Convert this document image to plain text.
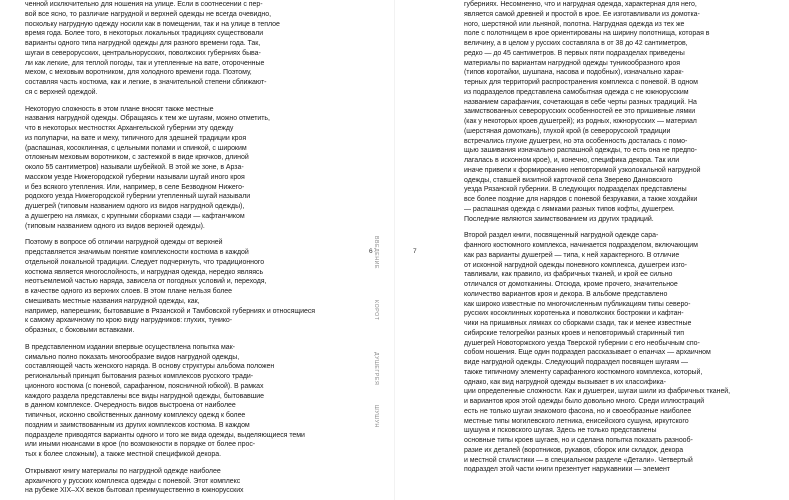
ченной исключительно для ношения на улице. Если в соотнесении с пер-
вой все ясно, то различие нагрудной и верхней одежды не всегда очевидно,
поскольку нагрудную одежду носили как в помещении, так и на улице в теплое
время года. Более того, в некоторых локальных традициях существовали
варианты одного типа нагрудной одежды для разного времени года. Так,
шугаи в северорусских, центральнорусских, поволжских губерниях быва-
ли как легкие, для теплой погоды, так и утепленные на вате, отороченные
мехом, с меховым воротником, для холодного времени года. Поэтому,
составляя часть костюма, как и легкие, в значительной степени сближают-
ся с верхней одеждой.
Некоторую сложность в этом плане вносят также местные
названия нагрудной одежды. Обращаясь к тем же шугаям, можно отметить,
что в некоторых местностях Архангельской губернии эту одежду
из полупарчи, на вате и меху, типичного для здешней традиции кроя
(распашная, косоклинная, с цельными полами и спинкой, с широким
отложным меховым воротником, с застежкой в виде крючков, длиной
около 55 сантиметров) называли шубейкой. В этой же зоне, в Арза-
масском уезде Нижегородской губернии называли шугай иного кроя
и без всякого утепления. Или, например, в селе Безводном Нижего-
родского уезда Нижегородской губернии утепленный шугай называли
душегрей (типовым названием одного из видов нагрудной одежды),
а душегрею на лямках, с крупными сборками сзади — кафтанчиком
(типовым названием одного из видов верхней одежды).
Поэтому в вопросе об отличии нагрудной одежды от верхней
представляется значимым понятие комплексности костюма в каждой
отдельной локальной традиции. Следует подчеркнуть, что традиционного
костюма является многослойность, и нагрудная одежда, нередко являясь
неотъемлемой частью наряда, зависела от погодных условий и, переходя,
в качестве одного из верхних слоев. В этом плане нельзя более
смешивать местные названия нагрудной одежды, как,
например, наперешник, бытовавшие в Рязанской и Тамбовской губерниях и относящиеся
к самому архаичному по крою виду нагрудников: глухих, туникo-
образных, с боковыми вставками.
В представленном издании впервые осуществлена попытка мак-
симально полно показать многообразие видов нагрудной одежды,
составляющей часть женского наряда. В основу структуры альбома положен
региональный принцип бытования разных комплексов русского тради-
ционного костюма (с поневой, сарафанном, поясничной юбкой). В рамках
каждого раздела представлены все виды нагрудной одежды, бытовавшие
в данном комплексе. Очередность видов выстроена от наиболее
типичных, исконно свойственных данному комплексу одежд к более
поздним и заимствованным из других комплексов костюма. В каждом
подразделе приводятся варианты одного и того же вида одежды, выделяющиеся теми
или иными нюансами в крое (по возможности в порядке от более прос-
тых к более сложным), а также местной спецификой декора.
Открывают книгу материалы по нагрудной одежде наиболее
архаичного у русских комплекса одежды с поневой. Этот комплекс
на рубеже XIX–XX веков бытовал преимущественно в южнорусских
ВВЕДЕНИЕ
6
КОРОТ
ДУШЕГРЕЯ
ШУШУН
7
губерниях. Несомненно, что и нагрудная одежда, характерная для него,
является самой древней и простой в крое. Ее изготавливали из домотка-
ного, шерстяной или льняной, полотна. Нагрудная одежда из тех же
поле с полотнищем в крое ориентированы на ширину полотнища, которая в
величину, а в целом у русских составляла в от 38 до 42 сантиметров,
редко — до 45 сантиметров. В первых пяти подразделах приведены
материалы по вариантам нагрудной одежды туникообразного кроя
(типов коротайки, шушпана, насова и подобных), изначально харак-
терных для территорий распространения комплекса с поневой. В одном
из подразделов представлена самобытная одежда с не южнорусским
названием сарафанчик, сочетающая в себе черты разных традиций. На
заимствованных северорусских особенностей ее это пришивные лямки
(как у некоторых кроев душегрей); из родных, южнорусских — материал
(шерстяная домоткань), глухой крой (в северорусской традиции
встречались глухие душегреи, но эта особенность досталась с помо-
щью зашивания изначально распашной одежды, то есть она не предпо-
лагалась в исконном крое), и, конечно, специфика декора. Так или
иначе привели к формированию неповторимой узколокальной нагрудной
одежды, ставшей визитной карточкой села Зверево Данковского
уезда Рязанской губернии. В следующих подразделах представлены
все более поздние для нарядов с поневой безрукавки, а также хохдайки
— распашная одежда с лямками разных типов кофты, душегреи.
Последние являются заимствованием из других традиций.
Второй раздел книги, посвященный нагрудной одежде сара-
фанного костюмного комплекса, начинается подразделом, включающим
как раз варианты душегрей — типа, к ней характерного. В отличие
от исконной нагрудной одежды поневного комплекса, душегреи изго-
тавливали, как правило, из фабричных тканей, и крой ее сильно
отличался от домотканины. Отсюда, кроме прочего, значительное
количество вариантов кроя и декора. В альбоме представлено
как широко известные по многочисленным публикациям типы северо-
русских косоклинных коротенька и поволжских бострожки и кафтан-
чики на пришивных лямках со сборками сзади, так и менее известные
сибирские телогрейки разных кроев и неповторимый старинный тип
душегрей Новоторжского уезда Тверской губернии с его необычным спо-
собом ношения. Еще один подраздел рассказывает о епанчах — архаичном
виде нагрудной одежды. Следующий подраздел посвящен шугаям —
также типичному элементу сарафанного костюмного комплекса, который,
однако, как вид нагрудной одежды вызывает в их классифика-
ции определенные сложности. Как и душегреи, шугаи шили из фабричных тканей,
и вариантов кроя этой одежды было довольно много. Среди иллюстраций
есть не только шугаи знакомого фасона, но и своеобразные наиболее
местные типы могилевского летника, енисейского сушуна, иркутского
шушуна и псковского шугая. Здесь не только представлены
основные типы кроев шугаев, но и сделана попытка показать разнооб-
разие их деталей (воротников, рукавов, сборок или складок, декора
и местной стилистики — в специальном разделе «Детали». Четвертый
подраздел этой части книги презентует нарукавники — элемент
